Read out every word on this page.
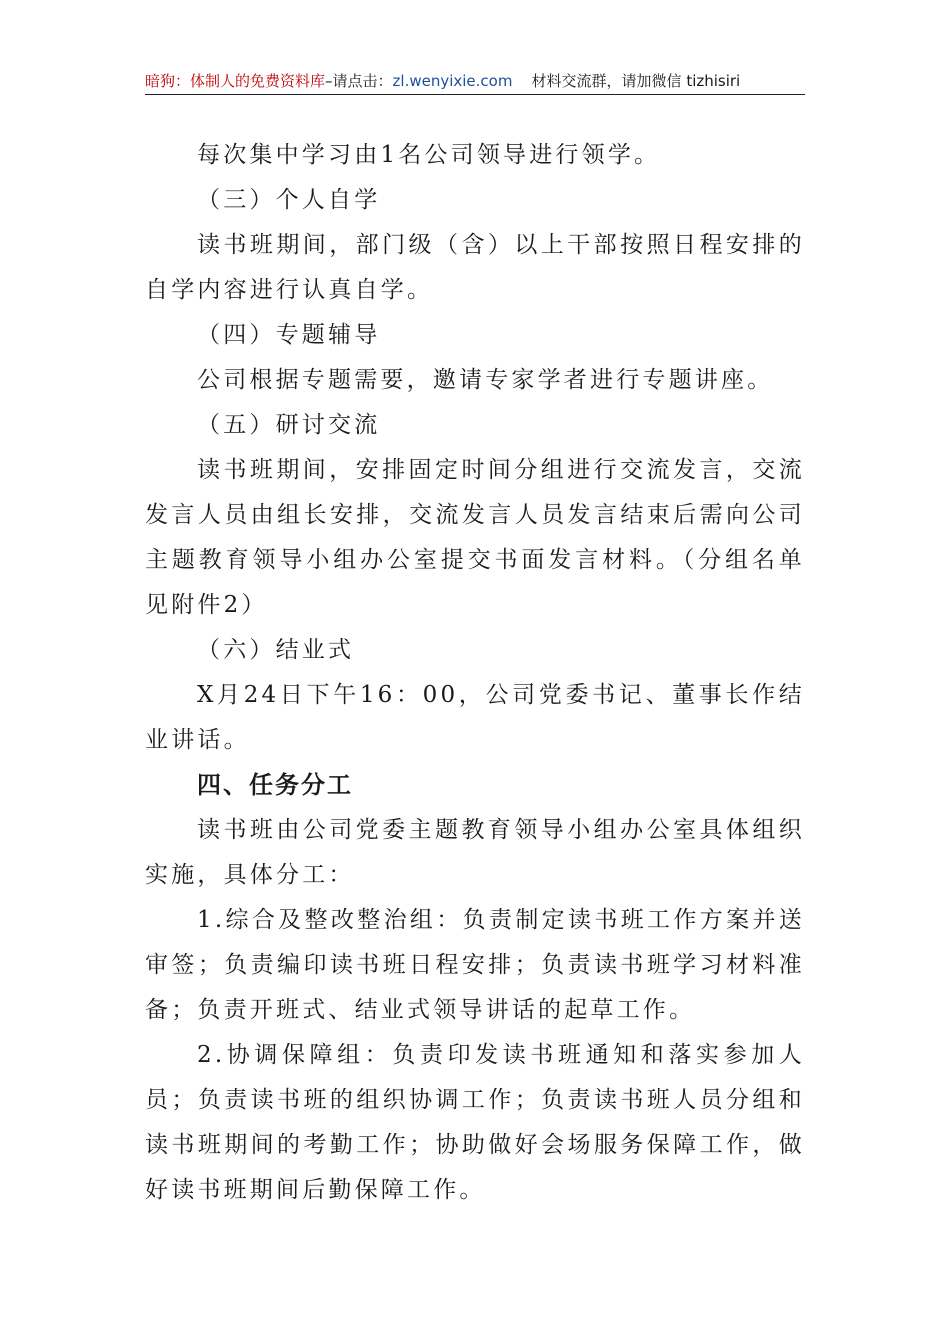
暗狗：体制人的免费资料库–请点击：zl.wenyixie.com 材料交流群，请加微信 tizhisiri

每次集中学习由1名公司领导进行领学。

（三）个人自学

读书班期间，部门级（含）以上干部按照日程安排的自学内容进行认真自学。

（四）专题辅导

公司根据专题需要，邀请专家学者进行专题讲座。

（五）研讨交流

读书班期间，安排固定时间分组进行交流发言，交流发言人员由组长安排，交流发言人员发言结束后需向公司主题教育领导小组办公室提交书面发言材料。（分组名单见附件2）

（六）结业式

X月24日下午16：00，公司党委书记、董事长作结业讲话。

四、任务分工

读书班由公司党委主题教育领导小组办公室具体组织实施，具体分工：

1.综合及整改整治组：负责制定读书班工作方案并送审签；负责编印读书班日程安排；负责读书班学习材料准备；负责开班式、结业式领导讲话的起草工作。

2.协调保障组：负责印发读书班通知和落实参加人员；负责读书班的组织协调工作；负责读书班人员分组和读书班期间的考勤工作；协助做好会场服务保障工作，做好读书班期间后勤保障工作。
